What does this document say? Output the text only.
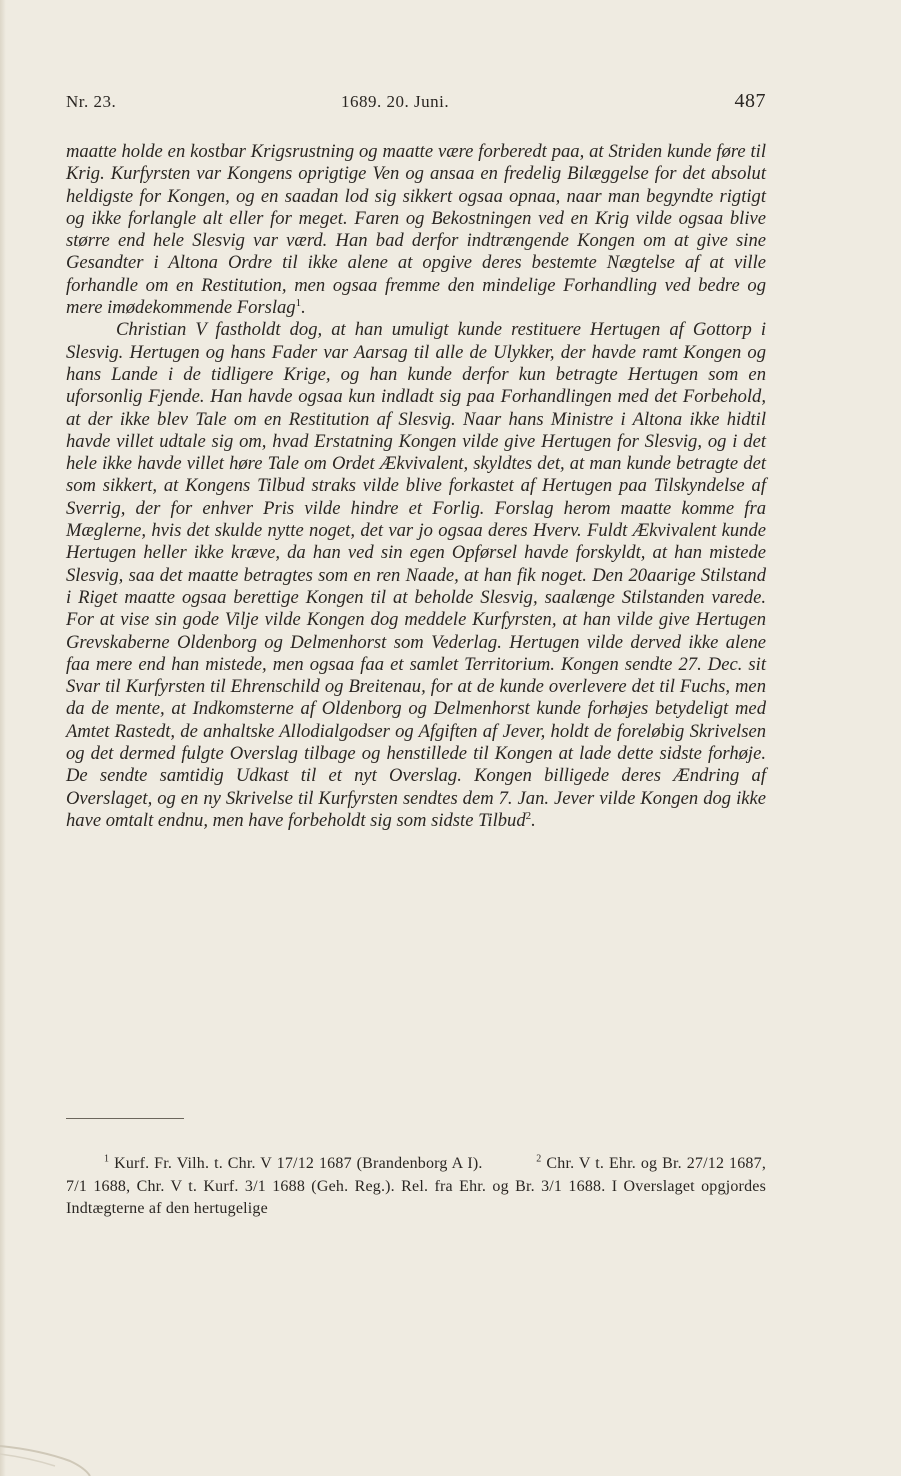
Nr. 23.	1689. 20. Juni.	487

maatte holde en kostbar Krigsrustning og maatte være forberedt paa, at Striden kunde føre til Krig. Kurfyrsten var Kongens oprigtige Ven og ansaa en fredelig Bilæggelse for det absolut heldigste for Kongen, og en saadan lod sig sikkert ogsaa opnaa, naar man begyndte rigtigt og ikke forlangle alt eller for meget. Faren og Bekostningen ved en Krig vilde ogsaa blive større end hele Slesvig var værd. Han bad derfor indtrængende Kongen om at give sine Gesandter i Altona Ordre til ikke alene at opgive deres bestemte Nægtelse af at ville forhandle om en Restitution, men ogsaa fremme den mindelige Forhandling ved bedre og mere imødekommende Forslag$^1$.

Christian V fastholdt dog, at han umuligt kunde restituere Hertugen af Gottorp i Slesvig. Hertugen og hans Fader var Aarsag til alle de Ulykker, der havde ramt Kongen og hans Lande i de tidligere Krige, og han kunde derfor kun betragte Hertugen som en uforsonlig Fjende. Han havde ogsaa kun indladt sig paa Forhandlingen med det Forbehold, at der ikke blev Tale om en Restitution af Slesvig. Naar hans Ministre i Altona ikke hidtil havde villet udtale sig om, hvad Erstatning Kongen vilde give Hertugen for Slesvig, og i det hele ikke havde villet høre Tale om Ordet Ækvivalent, skyldtes det, at man kunde betragte det som sikkert, at Kongens Tilbud straks vilde blive forkastet af Hertugen paa Tilskyndelse af Sverrig, der for enhver Pris vilde hindre et Forlig. Forslag herom maatte komme fra Mæglerne, hvis det skulde nytte noget, det var jo ogsaa deres Hverv. Fuldt Ækvivalent kunde Hertugen heller ikke kræve, da han ved sin egen Opførsel havde forskyldt, at han mistede Slesvig, saa det maatte betragtes som en ren Naade, at han fik noget. Den 20aarige Stilstand i Riget maatte ogsaa berettige Kongen til at beholde Slesvig, saalænge Stilstanden varede. For at vise sin gode Vilje vilde Kongen dog meddele Kurfyrsten, at han vilde give Hertugen Grevskaberne Oldenborg og Delmenhorst som Vederlag. Hertugen vilde derved ikke alene faa mere end han mistede, men ogsaa faa et samlet Territorium. Kongen sendte 27. Dec. sit Svar til Kurfyrsten til Ehrenschild og Breitenau, for at de kunde overlevere det til Fuchs, men da de mente, at Indkomsterne af Oldenborg og Delmenhorst kunde forhøjes betydeligt med Amtet Rastedt, de anhaltske Allodialgodser og Afgiften af Jever, holdt de foreløbig Skrivelsen og det dermed fulgte Overslag tilbage og henstillede til Kongen at lade dette sidste forhøje. De sendte samtidig Udkast til et nyt Overslag. Kongen billigede deres Ændring af Overslaget, og en ny Skrivelse til Kurfyrsten sendtes dem 7. Jan. Jever vilde Kongen dog ikke have omtalt endnu, men have forbeholdt sig som sidste Tilbud$^2$.

$^1$ Kurf. Fr. Vilh. t. Chr. V 17/12 1687 (Brandenborg A I).	$^2$ Chr. V t. Ehr. og Br. 27/12 1687, 7/1 1688, Chr. V t. Kurf. 3/1 1688 (Geh. Reg.). Rel. fra Ehr. og Br. 3/1 1688. I Overslaget opgjordes Indtægterne af den hertugelige
